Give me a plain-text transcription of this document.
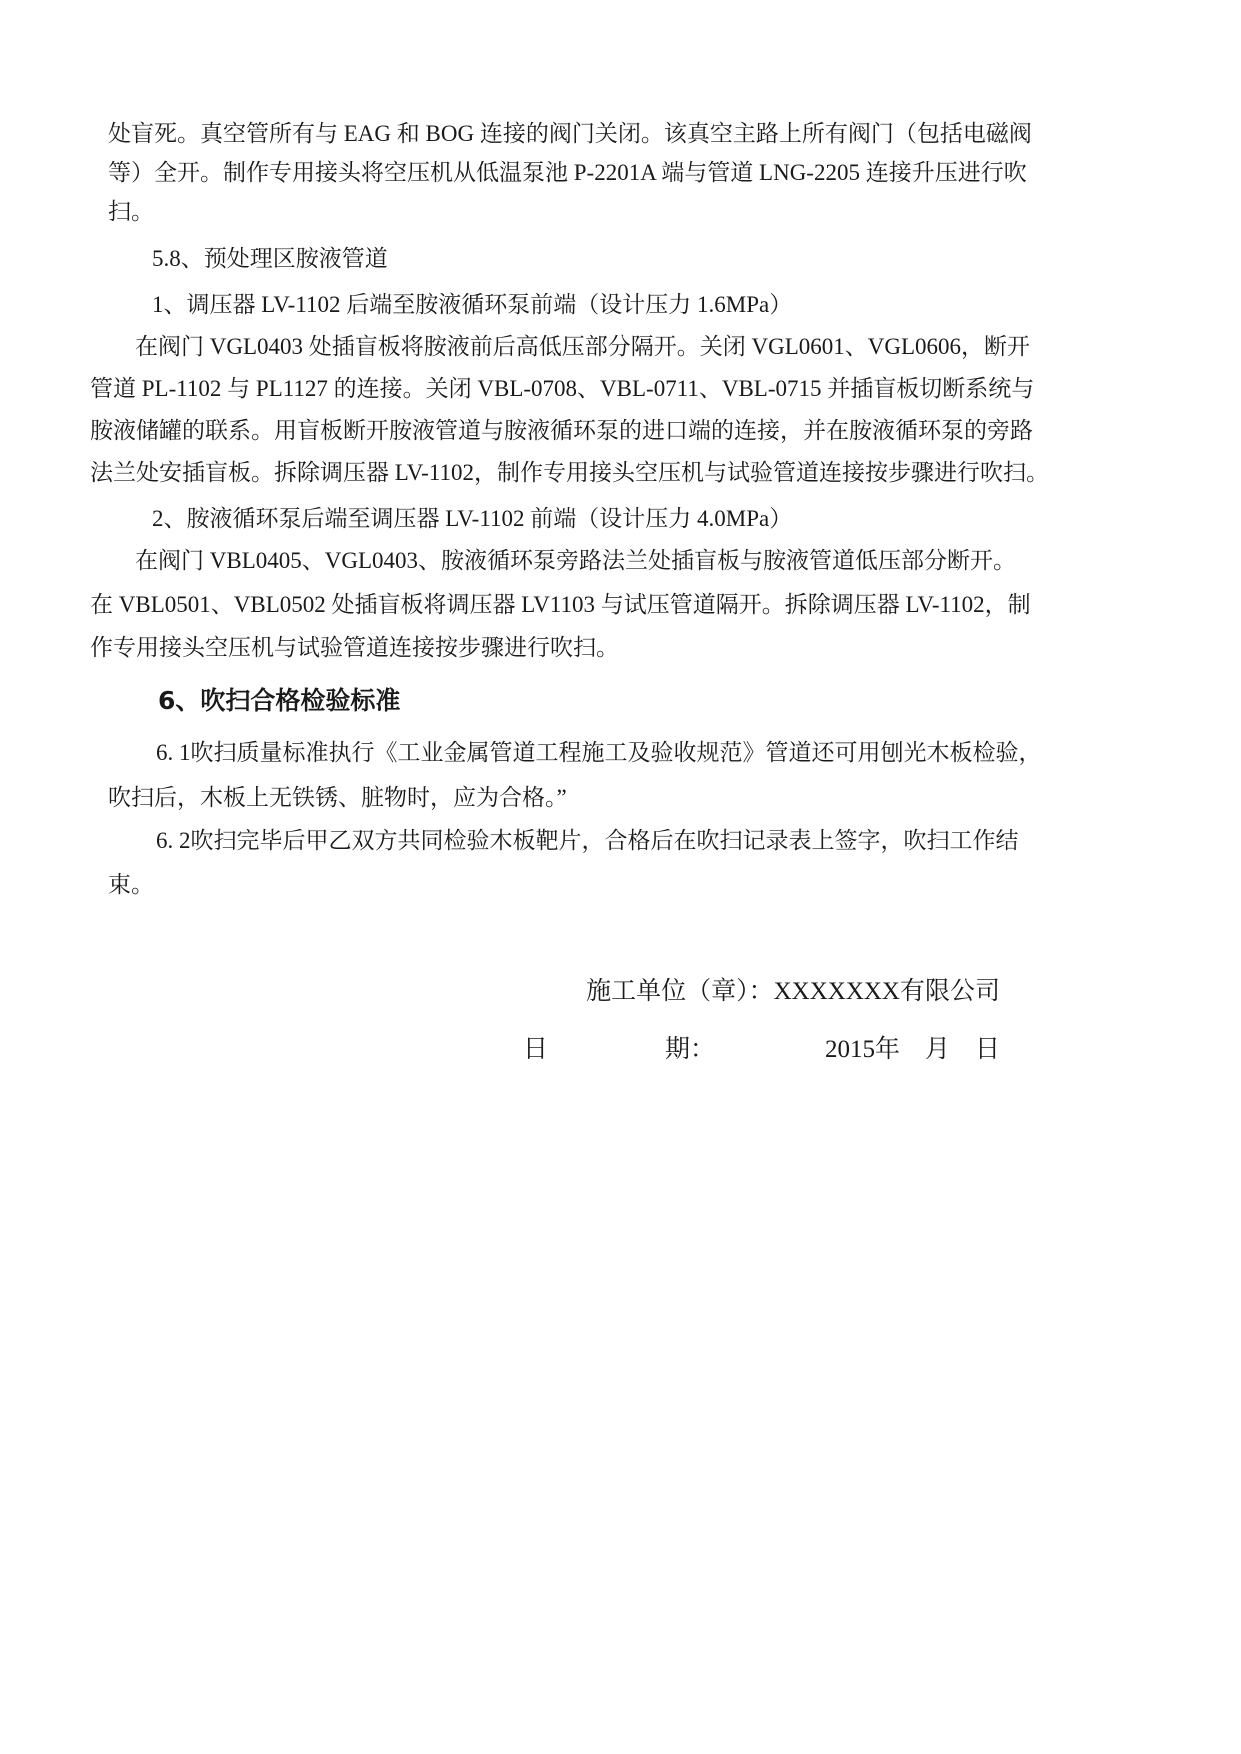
处盲死。真空管所有与 EAG 和 BOG 连接的阀门关闭。该真空主路上所有阀门（包括电磁阀

等）全开。制作专用接头将空压机从低温泵池 P-2201A 端与管道 LNG-2205 连接升压进行吹

扫。

5.8、预处理区胺液管道

1、调压器 LV-1102 后端至胺液循环泵前端（设计压力 1.6MPa）

在阀门 VGL0403 处插盲板将胺液前后高低压部分隔开。关闭 VGL0601、VGL0606，断开

管道 PL-1102 与 PL1127 的连接。关闭 VBL-0708、VBL-0711、VBL-0715 并插盲板切断系统与

胺液储罐的联系。用盲板断开胺液管道与胺液循环泵的进口端的连接，并在胺液循环泵的旁路

法兰处安插盲板。拆除调压器 LV-1102，制作专用接头空压机与试验管道连接按步骤进行吹扫。

2、胺液循环泵后端至调压器 LV-1102 前端（设计压力 4.0MPa）

在阀门 VBL0405、VGL0403、胺液循环泵旁路法兰处插盲板与胺液管道低压部分断开。

在 VBL0501、VBL0502 处插盲板将调压器 LV1103 与试压管道隔开。拆除调压器 LV-1102，制

作专用接头空压机与试验管道连接按步骤进行吹扫。

6、吹扫合格检验标准

6. 1吹扫质量标准执行《工业金属管道工程施工及验收规范》管道还可用刨光木板检验，

吹扫后，木板上无铁锈、脏物时，应为合格。”

6. 2吹扫完毕后甲乙双方共同检验木板靶片，合格后在吹扫记录表上签字，吹扫工作结

束。

施工单位（章）：XXXXXXX有限公司

日	期：	2015年　月　日
